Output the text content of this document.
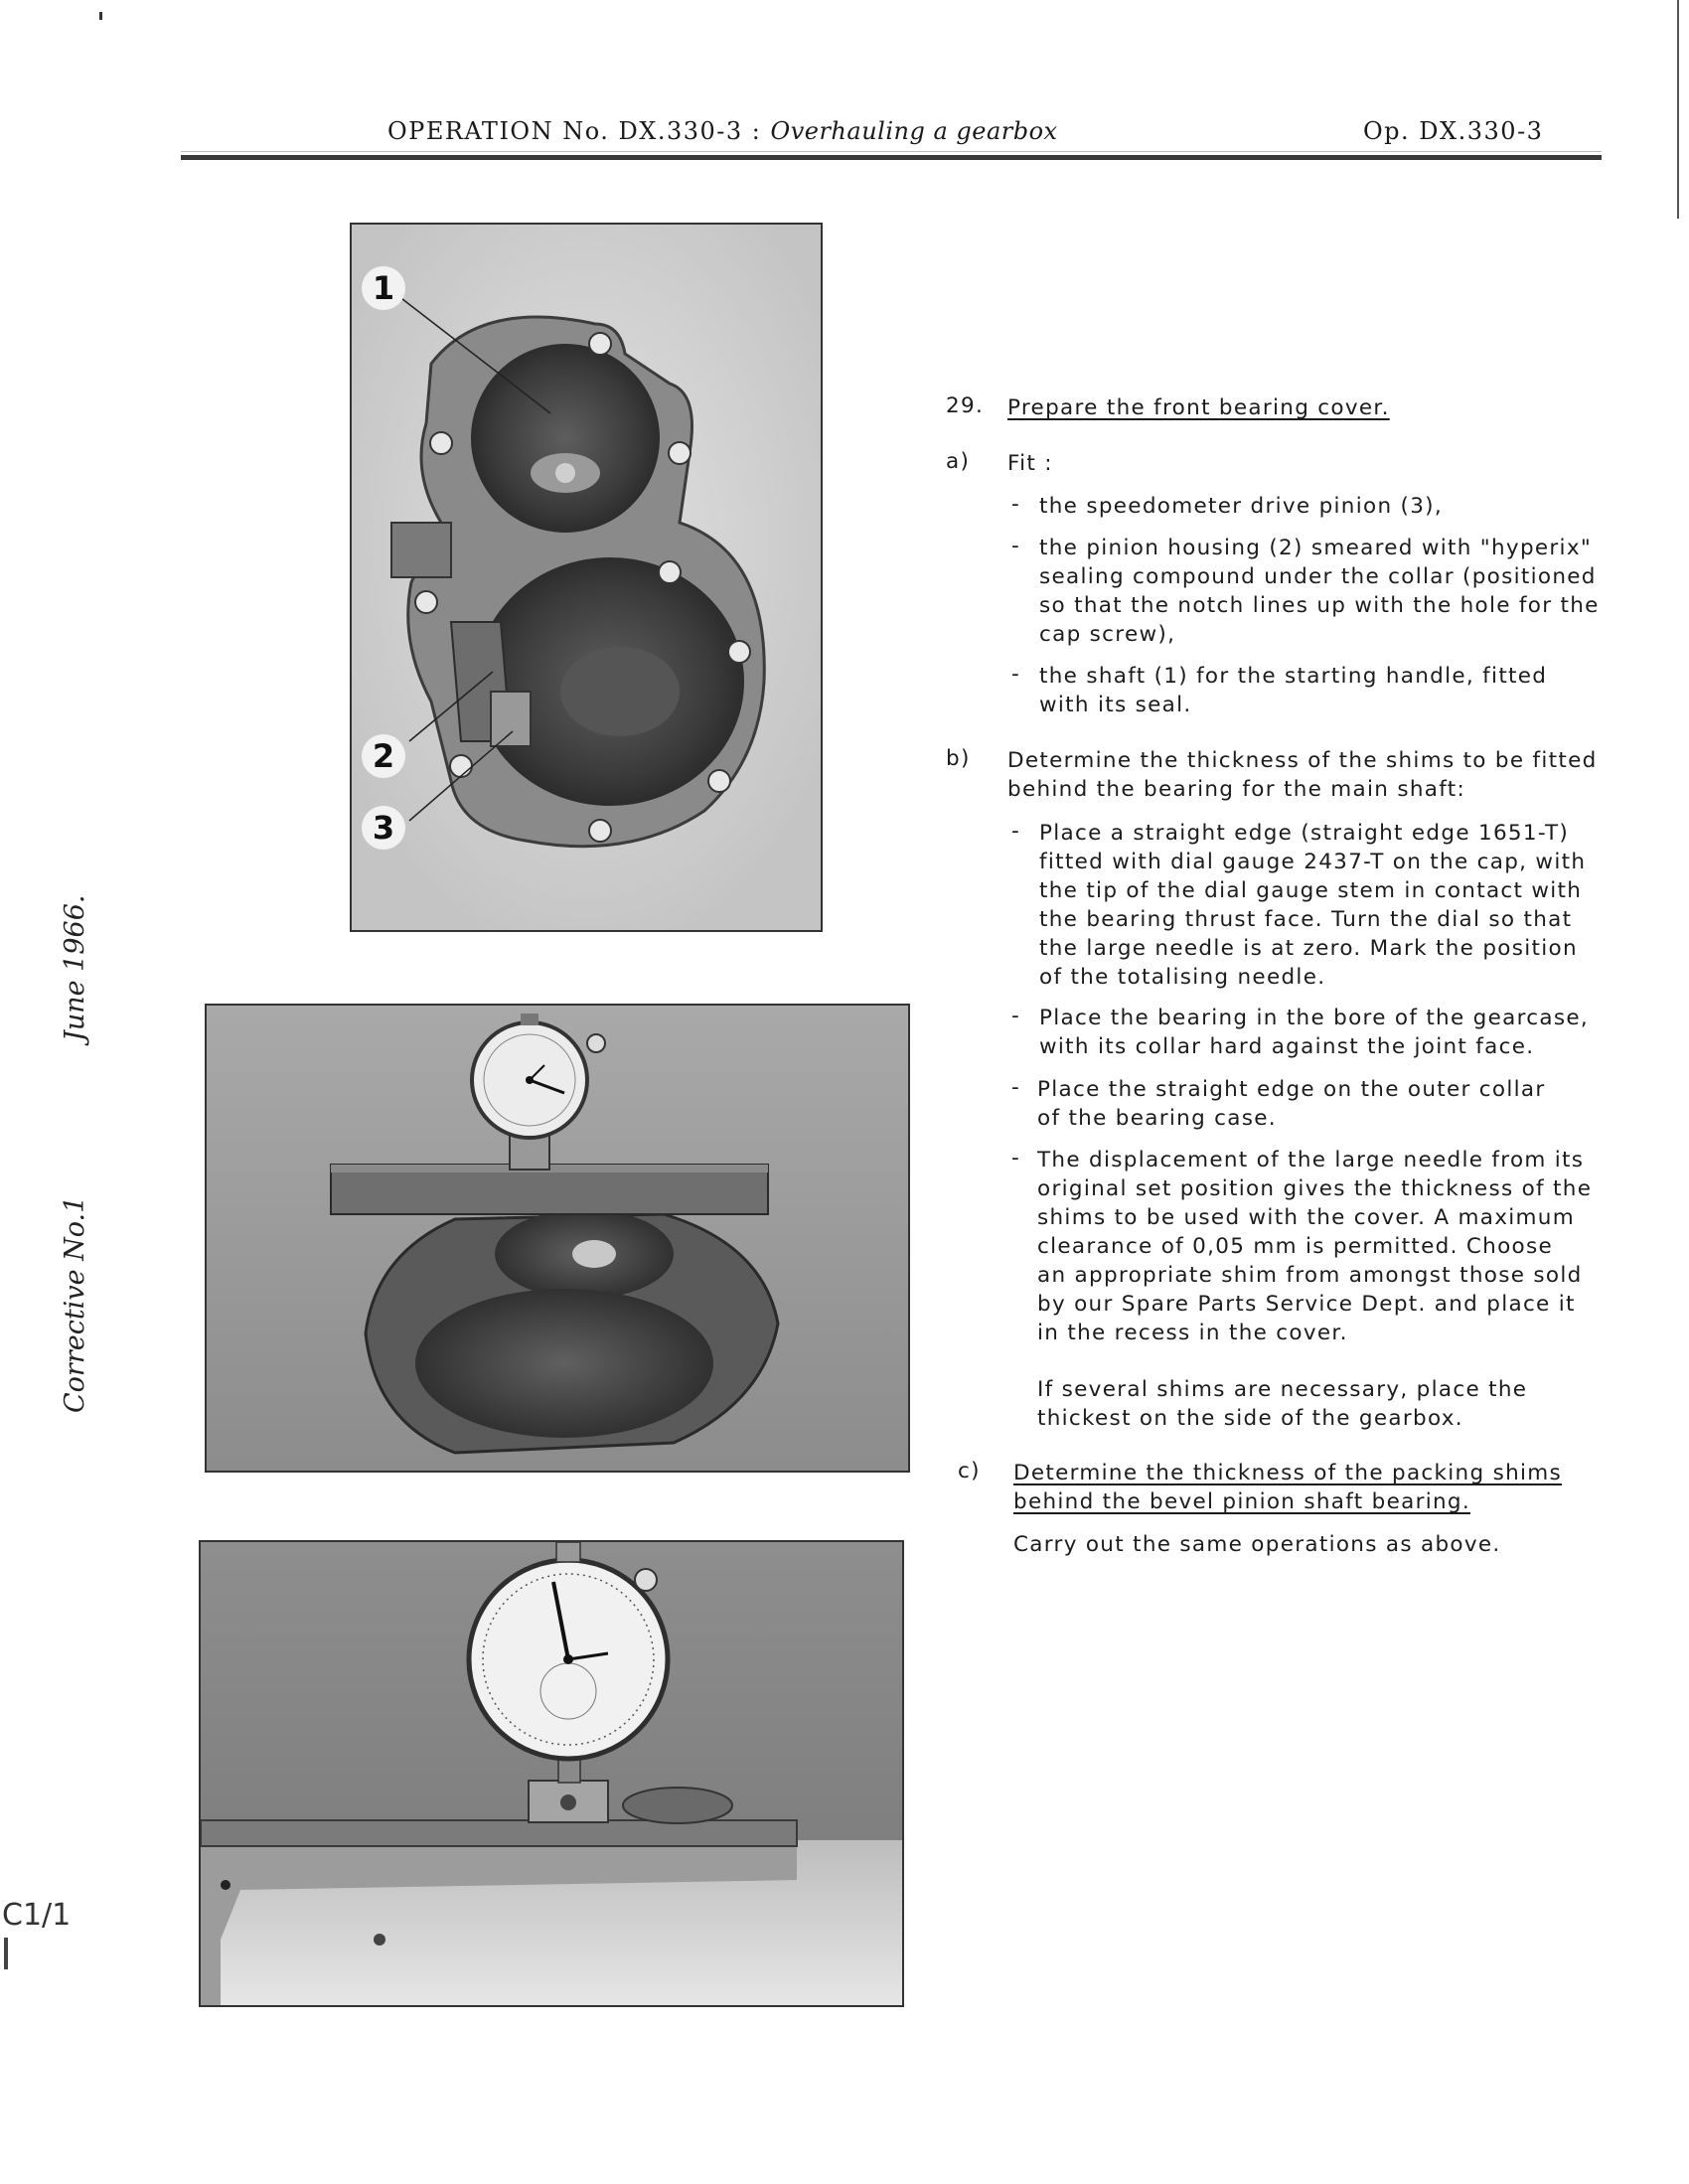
OPERATION No. DX.330-3 : Overhauling a gearbox	Op. DX.330-3
June 1966.
Corrective No.1
C1/1
1
2
3
29. Prepare the front bearing cover.
a) Fit :
- the speedometer drive pinion (3),
- the pinion housing (2) smeared with "hyperix"
sealing compound under the collar (positioned
so that the notch lines up with the hole for the
cap screw),
- the shaft (1) for the starting handle, fitted
with its seal.
b) Determine the thickness of the shims to be fitted
behind the bearing for the main shaft:
- Place a straight edge (straight edge 1651-T)
fitted with dial gauge 2437-T on the cap, with
the tip of the dial gauge stem in contact with
the bearing thrust face. Turn the dial so that
the large needle is at zero. Mark the position
of the totalising needle.
- Place the bearing in the bore of the gearcase,
with its collar hard against the joint face.
- Place the straight edge on the outer collar
of the bearing case.
- The displacement of the large needle from its
original set position gives the thickness of the
shims to be used with the cover. A maximum
clearance of 0,05 mm is permitted. Choose
an appropriate shim from amongst those sold
by our Spare Parts Service Dept. and place it
in the recess in the cover.
If several shims are necessary, place the
thickest on the side of the gearbox.
c) Determine the thickness of the packing shims
behind the bevel pinion shaft bearing.
Carry out the same operations as above.
